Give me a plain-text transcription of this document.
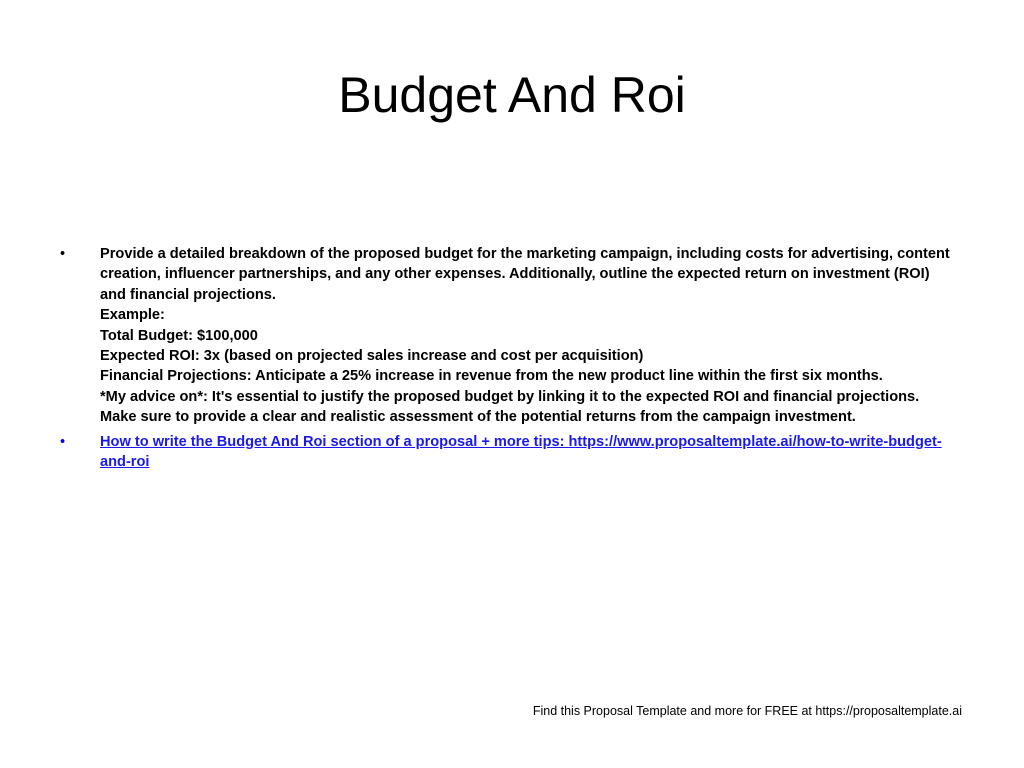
Budget And Roi
• Provide a detailed breakdown of the proposed budget for the marketing campaign, including costs for advertising, content creation, influencer partnerships, and any other expenses. Additionally, outline the expected return on investment (ROI) and financial projections.
Example:
Total Budget: $100,000
Expected ROI: 3x (based on projected sales increase and cost per acquisition)
Financial Projections: Anticipate a 25% increase in revenue from the new product line within the first six months.
*My advice on*: It's essential to justify the proposed budget by linking it to the expected ROI and financial projections. Make sure to provide a clear and realistic assessment of the potential returns from the campaign investment.
• How to write the Budget And Roi section of a proposal + more tips: https://www.proposaltemplate.ai/how-to-write-budget-and-roi
Find this Proposal Template and more for FREE at https://proposaltemplate.ai
